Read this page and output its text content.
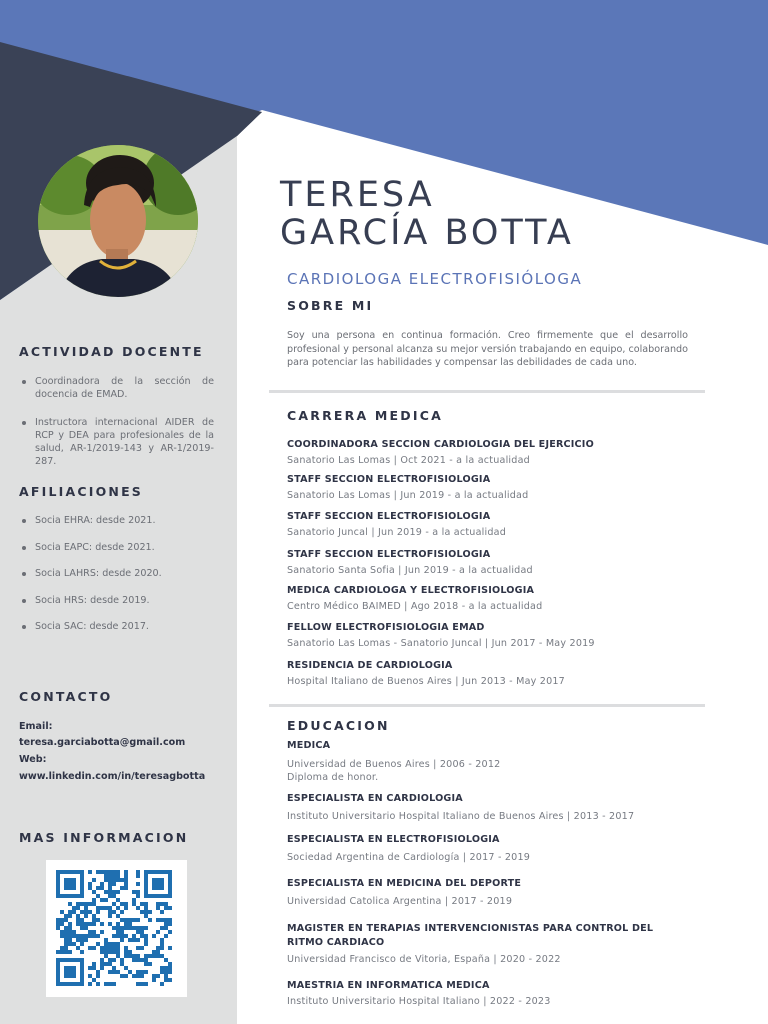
TERESA
GARCÍA BOTTA
CARDIOLOGA ELECTROFISIÓLOGA
SOBRE MI

Soy una persona en continua formación. Creo firmemente que el desarrollo profesional y personal alcanza su mejor versión trabajando en equipo, colaborando para potenciar las habilidades y compensar las debilidades de cada uno.

CARRERA MEDICA
COORDINADORA SECCION CARDIOLOGIA DEL EJERCICIO
Sanatorio Las Lomas | Oct 2021 - a la actualidad
STAFF SECCION ELECTROFISIOLOGIA
Sanatorio Las Lomas | Jun 2019 - a la actualidad
STAFF SECCION ELECTROFISIOLOGIA
Sanatorio Juncal | Jun 2019 - a la actualidad
STAFF SECCION ELECTROFISIOLOGIA
Sanatorio Santa Sofia | Jun 2019 - a la actualidad
MEDICA CARDIOLOGA Y ELECTROFISIOLOGIA
Centro Médico BAIMED | Ago 2018 - a la actualidad
FELLOW ELECTROFISIOLOGIA EMAD
Sanatorio Las Lomas - Sanatorio Juncal | Jun 2017 - May 2019
RESIDENCIA DE CARDIOLOGIA
Hospital Italiano de Buenos Aires | Jun 2013 - May 2017
EDUCACION
MEDICA
Universidad de Buenos Aires | 2006 - 2012
Diploma de honor.
ESPECIALISTA EN CARDIOLOGIA
Instituto Universitario Hospital Italiano de Buenos Aires | 2013 - 2017
ESPECIALISTA EN ELECTROFISIOLOGIA
Sociedad Argentina de Cardiología | 2017 - 2019
ESPECIALISTA EN MEDICINA DEL DEPORTE
Universidad Catolica Argentina | 2017 - 2019
MAGISTER EN TERAPIAS INTERVENCIONISTAS PARA CONTROL DEL
RITMO CARDIACO
Universidad Francisco de Vitoria, España | 2020 - 2022
MAESTRIA EN INFORMATICA MEDICA
Instituto Universitario Hospital Italiano | 2022 - 2023
ACTIVIDAD DOCENTE
Coordinadora de la sección de docencia de EMAD.
Instructora internacional AIDER de RCP y DEA para profesionales de la salud, AR-1/2019-143 y AR-1/2019-287.
AFILIACIONES
Socia EHRA: desde 2021.
Socia EAPC: desde 2021.
Socia LAHRS: desde 2020.
Socia HRS: desde 2019.
Socia SAC: desde 2017.
CONTACTO
Email:
teresa.garciabotta@gmail.com
Web:
www.linkedin.com/in/teresagbotta
MAS INFORMACION
